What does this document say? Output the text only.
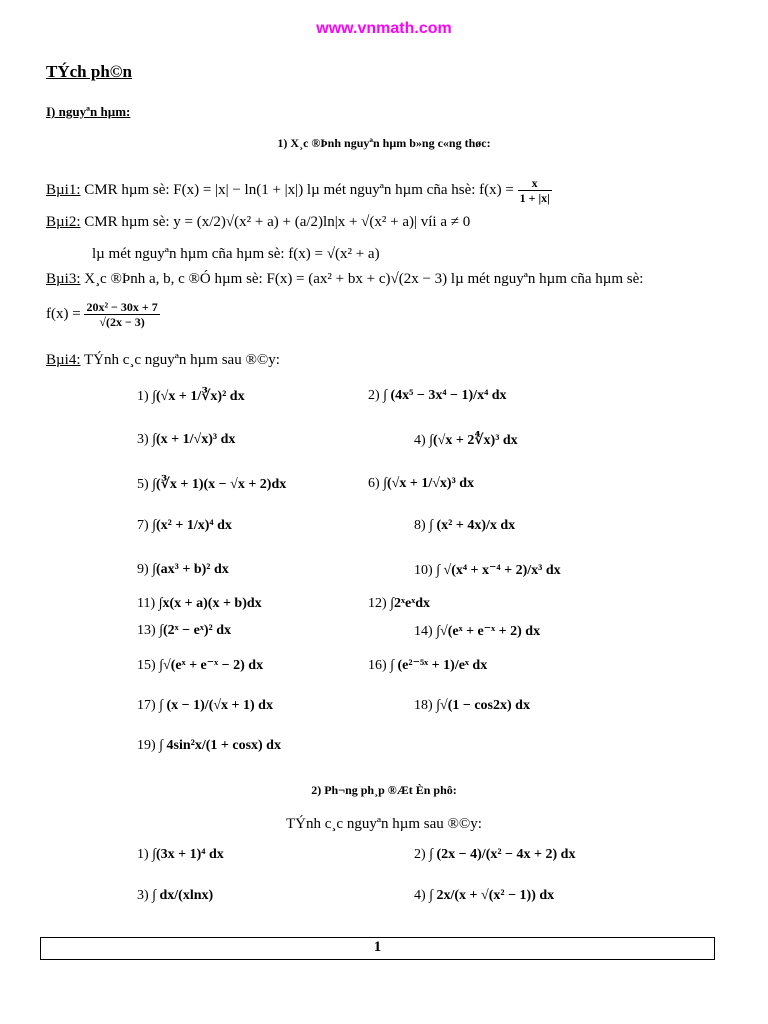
www.vnmath.com
TÝch ph©n
I) nguyªn hµm:
1) X¸c ®Þnh nguyªn hµm b»ng c«ng thøc:
Bµi1: CMR hµm sè: F(x) = |x| − ln(1 + |x|) lµ mét nguyªn hµm cña hsè: $f(x) = \frac{x}{1 + |x|}$
Bµi2: CMR hµm sè: y = (x/2)√(x² + a) + (a/2)ln|x + √(x² + a)| víi a ≠ 0
lµ mét nguyªn hµm cña hµm sè: f(x) = √(x² + a)
Bµi3: X¸c ®Þnh a, b, c ®Ó hµm sè: F(x) = (ax² + bx + c)√(2x − 3) lµ mét nguyªn hµm cña hµm sè:
$f(x) = \frac{\text{20x² − 30x + 7}}{√(2x - 3)}$
Bµi4: TÝnh c¸c nguyªn hµm sau ®©y:
1) ∫(√x + 1/∛x)² dx	2) ∫ (4x⁵ − 3x⁴ − 1)/x⁴ dx
3) ∫(x + 1/√x)³ dx	4) ∫(√x + 2∜x)³ dx
5) ∫(∛x + 1)(x − √x + 2)dx	6) ∫(√x + 1/√x)³ dx
7) ∫(x² + 1/x)⁴ dx	8) ∫ (x² + 4x)/x dx
9) ∫(ax³ + b)² dx	10) ∫ √(x⁴ + x⁻⁴ + 2)/x³ dx
11) ∫x(x + a)(x + b)dx	12) ∫2ˣeˣdx
13) ∫(2ˣ − eˣ)² dx	14) ∫√(eˣ + e⁻ˣ + 2) dx
15) ∫√(eˣ + e⁻ˣ − 2) dx	16) ∫ (e²⁻⁵ˣ + 1)/eˣ dx
17) ∫ (x − 1)/(√x + 1) dx	18) ∫√(1 − cos2x) dx
19) ∫ 4sin²x/(1 + cosx) dx
2) Ph¬ng ph¸p ®Æt Èn phô:
TÝnh c¸c nguyªn hµm sau ®©y:
1) ∫(3x + 1)⁴ dx	2) ∫ (2x − 4)/(x² − 4x + 2) dx
3) ∫ dx/(xlnx)	4) ∫ 2x/(x + √(x² − 1)) dx
1
